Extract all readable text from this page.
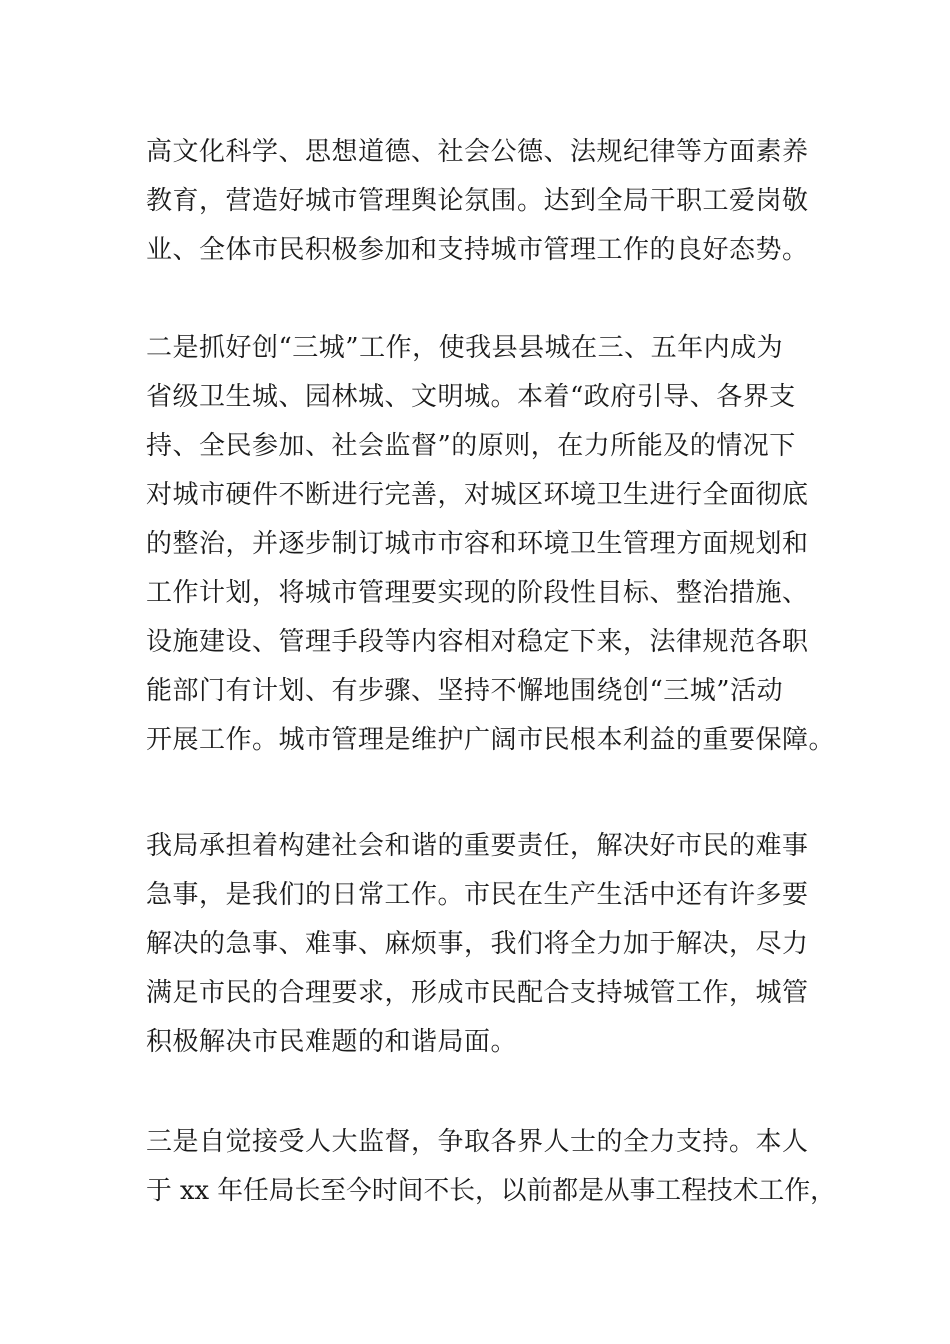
高文化科学、思想道德、社会公德、法规纪律等方面素养
教育，营造好城市管理舆论氛围。达到全局干职工爱岗敬
业、全体市民积极参加和支持城市管理工作的良好态势。
二是抓好创“三城”工作，使我县县城在三、五年内成为
省级卫生城、园林城、文明城。本着“政府引导、各界支
持、全民参加、社会监督”的原则，在力所能及的情况下
对城市硬件不断进行完善，对城区环境卫生进行全面彻底
的整治，并逐步制订城市市容和环境卫生管理方面规划和
工作计划，将城市管理要实现的阶段性目标、整治措施、
设施建设、管理手段等内容相对稳定下来，法律规范各职
能部门有计划、有步骤、坚持不懈地围绕创“三城”活动
开展工作。城市管理是维护广阔市民根本利益的重要保障。
我局承担着构建社会和谐的重要责任，解决好市民的难事
急事，是我们的日常工作。市民在生产生活中还有许多要
解决的急事、难事、麻烦事，我们将全力加于解决，尽力
满足市民的合理要求，形成市民配合支持城管工作，城管
积极解决市民难题的和谐局面。
三是自觉接受人大监督，争取各界人士的全力支持。本人
于 xx 年任局长至今时间不长，以前都是从事工程技术工作，
